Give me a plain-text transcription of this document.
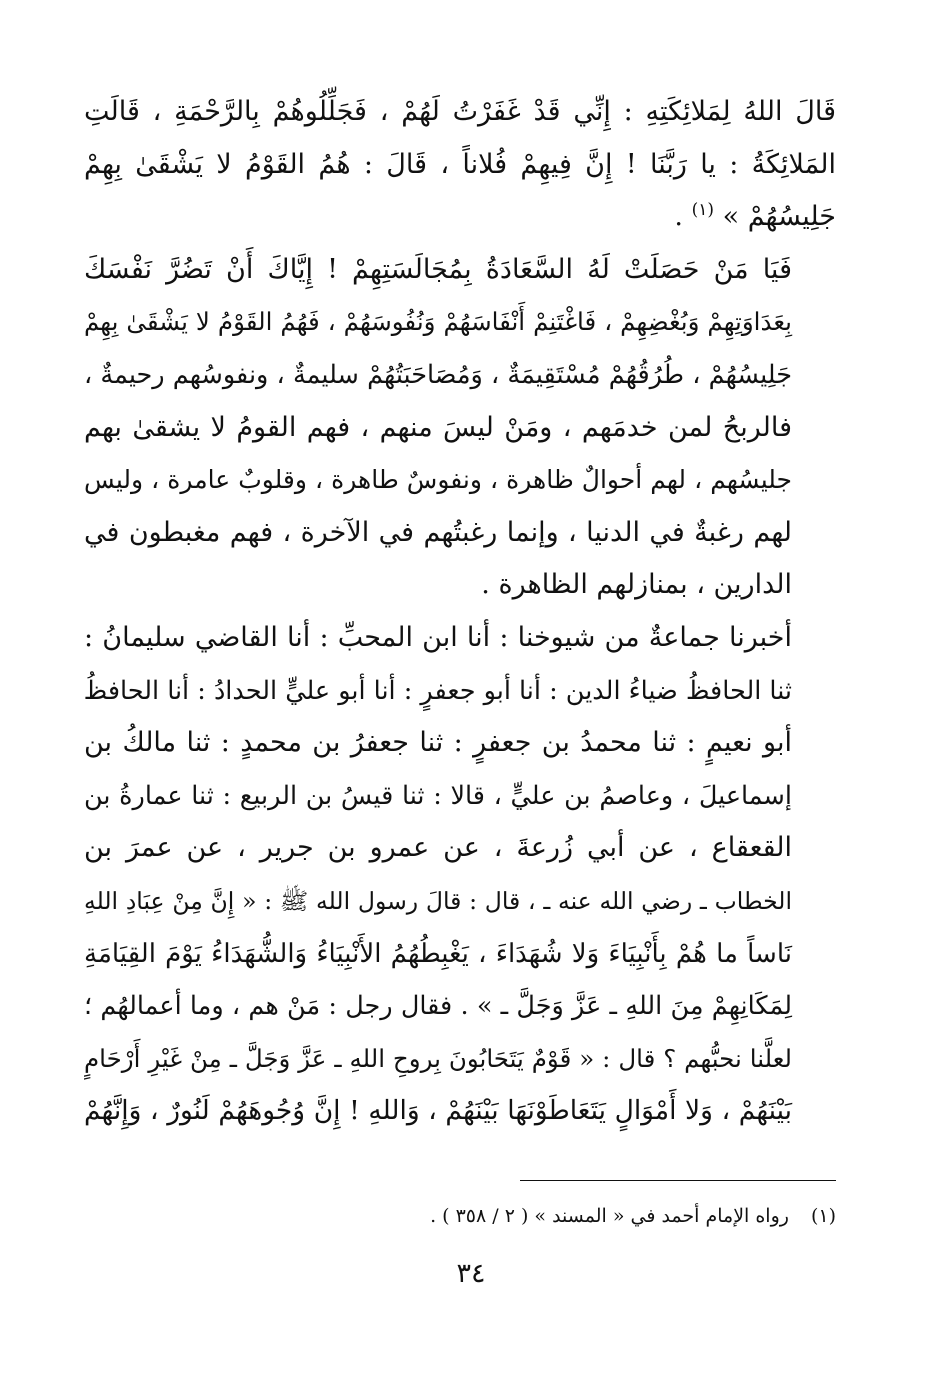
قَالَ اللهُ لِمَلائِكَتِهِ : إِنِّي قَدْ غَفَرْتُ لَهُمْ ، فَجَلِّلُوهُمْ بِالرَّحْمَةِ ، قَالَتِ
المَلائِكَةُ : يا رَبَّنَا ! إِنَّ فِيهِمْ فُلاناً ، قَالَ : هُمُ القَوْمُ لا يَشْقَىٰ بِهِمْ
جَلِيسُهُمْ » $^{(١)}$ .

فَيَا مَنْ حَصَلَتْ لَهُ السَّعَادَةُ بِمُجَالَسَتِهِمْ ! إِيَّاكَ أَنْ تَضُرَّ نَفْسَكَ
بِعَدَاوَتِهِمْ وَبُغْضِهِمْ ، فَاغْتَنِمْ أَنْفَاسَهُمْ وَنُفُوسَهُمْ ، فَهُمُ القَوْمُ لا يَشْقَىٰ بِهِمْ
جَلِيسُهُمْ ، طُرُقُهُمْ مُسْتَقِيمَةٌ ، وَمُصَاحَبَتُهُمْ سليمةٌ ، ونفوسُهم رحيمةٌ ،
فالربحُ لمن خدمَهم ، ومَنْ ليسَ منهم ، فهم القومُ لا يشقىٰ بهم
جليسُهم ، لهم أحوالٌ ظاهرة ، ونفوسٌ طاهرة ، وقلوبٌ عامرة ، وليس
لهم رغبةٌ في الدنيا ، وإنما رغبتُهم في الآخرة ، فهم مغبطون في
الدارين ، بمنازلهم الظاهرة .

أخبرنا جماعةٌ من شيوخنا : أنا ابن المحبِّ : أنا القاضي سليمانُ :
ثنا الحافظُ ضياءُ الدين : أنا أبو جعفرٍ : أنا أبو عليٍّ الحدادُ : أنا الحافظُ
أبو نعيمٍ : ثنا محمدُ بن جعفرٍ : ثنا جعفرُ بن محمدٍ : ثنا مالكُ بن
إسماعيلَ ، وعاصمُ بن عليٍّ ، قالا : ثنا قيسُ بن الربيع : ثنا عمارةُ بن
القعقاع ، عن أبي زُرعةَ ، عن عمرو بن جرير ، عن عمرَ بن
الخطاب ـ رضي الله عنه ـ ، قال : قالَ رسول الله ﷺ : « إِنَّ مِنْ عِبَادِ اللهِ
نَاساً ما هُمْ بِأَنْبِيَاءَ وَلا شُهَدَاءَ ، يَغْبِطُهُمُ الأَنْبِيَاءُ وَالشُّهَدَاءُ يَوْمَ القِيَامَةِ
لِمَكَانِهِمْ مِنَ اللهِ ـ عَزَّ وَجَلَّ ـ » . فقال رجل : مَنْ هم ، وما أعمالهُم ؛
لعلَّنا نحبُّهم ؟ قال : « قَوْمٌ يَتَحَابُونَ بِروحِ اللهِ ـ عَزَّ وَجَلَّ ـ مِنْ غَيْرِ أَرْحَامٍ
بَيْنَهُمْ ، وَلا أَمْوَالٍ يَتَعَاطَوْنَهَا بَيْنَهُمْ ، وَاللهِ ! إِنَّ وُجُوهَهُمْ لَنُورٌ ، وَإِنَّهُمْ

(١)رواه الإمام أحمد في « المسند » ( ٢ / ٣٥٨ ) .
٣٤
